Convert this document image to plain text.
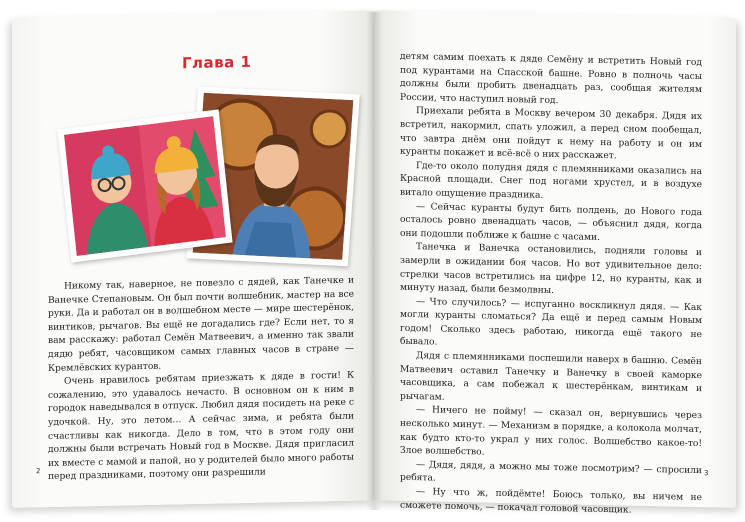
Глава 1

Никому так, наверное, не повезло с дядей, как Танечке и Ванечке Степановым. Он был почти волшебник, мастер на все руки. Да и работал он в волшебном месте — мире шестерёнок, винтиков, рычагов. Вы ещё не догадались где? Если нет, то я вам расскажу: работал Семён Матвеевич, а именно так звали дядю ребят, часовщиком самых главных часов в стране — Кремлёвских курантов.

Очень нравилось ребятам приезжать к дяде в гости! К сожалению, это удавалось нечасто. В основном он к ним в городок наведывался в отпуск. Любил дядя посидеть на реке с удочкой. Ну, это летом… А сейчас зима, и ребята были счастливы как никогда. Дело в том, что в этом году они должны были встречать Новый год в Москве. Дядя пригласил их вместе с мамой и папой, но у родителей было много работы перед праздниками, поэтому они разрешили

2

детям самим поехать к дяде Семёну и встретить Новый год под курантами на Спасской башне. Ровно в полночь часы должны были пробить двенадцать раз, сообщая жителям России, что наступил новый год.

Приехали ребята в Москву вечером 30 декабря. Дядя их встретил, накормил, спать уложил, а перед сном пообещал, что завтра днём они пойдут к нему на работу и он им куранты покажет и всё-всё о них расскажет.

Где-то около полудня дядя с племянниками оказались на Красной площади. Снег под ногами хрустел, и в воздухе витало ощущение праздника.

— Сейчас куранты будут бить полдень, до Нового года осталось ровно двенадцать часов, — объяснил дядя, когда они подошли поближе к башне с часами.

Танечка и Ванечка остановились, подняли головы и замерли в ожидании боя часов. Но вот удивительное дело: стрелки часов встретились на цифре 12, но куранты, как и минуту назад, были безмолвны.

— Что случилось? — испуганно воскликнул дядя. — Как могли куранты сломаться? Да ещё и перед самым Новым годом! Сколько здесь работаю, никогда ещё такого не бывало.

Дядя с племянниками поспешили наверх в башню. Семён Матвеевич оставил Танечку и Ванечку в своей каморке часовщика, а сам побежал к шестерёнкам, винтикам и рычагам.

— Ничего не пойму! — сказал он, вернувшись через несколько минут. — Механизм в порядке, а колокола молчат, как будто кто-то украл у них голос. Волшебство какое-то! Злое волшебство.

— Дядя, дядя, а можно мы тоже посмотрим? — спросили ребята.

— Ну что ж, пойдёмте! Боюсь только, вы ничем не сможете помочь, — покачал головой часовщик.

3
